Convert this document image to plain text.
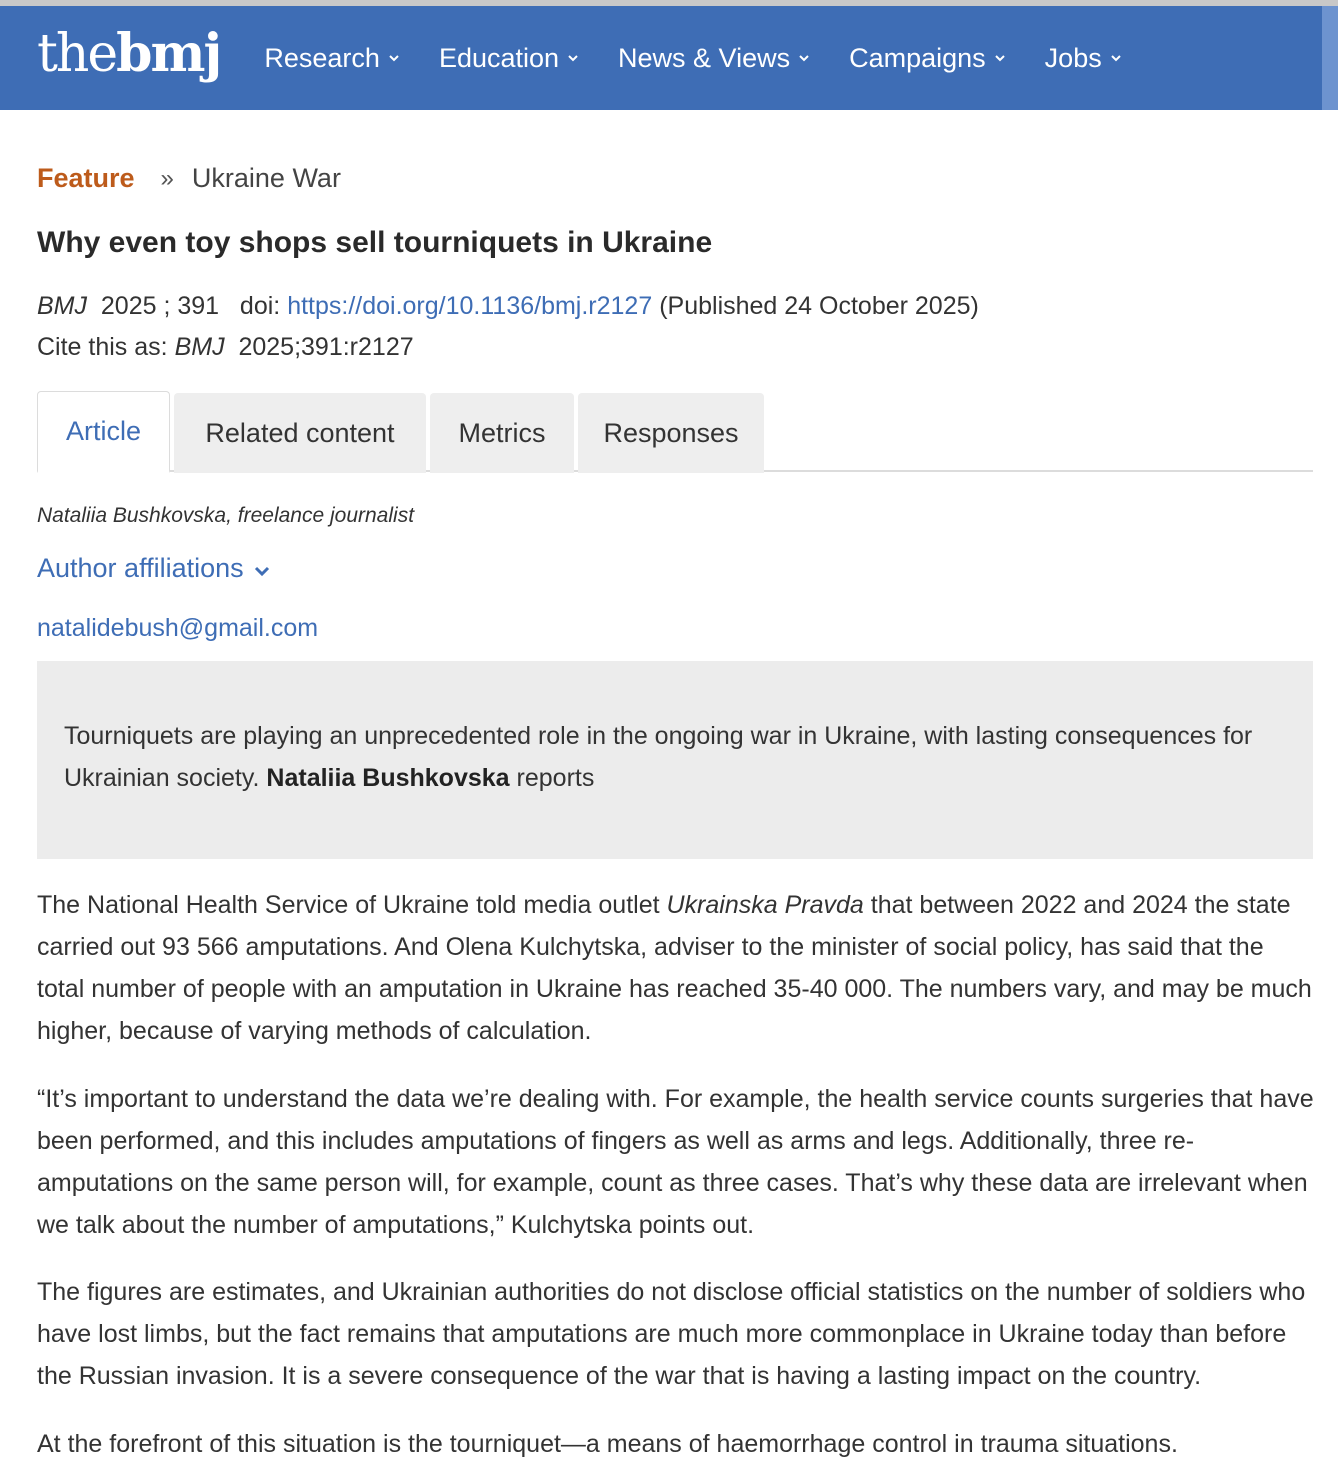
thebmj Research Education News & Views Campaigns Jobs
Feature » Ukraine War
Why even toy shops sell tourniquets in Ukraine
BMJ 2025 ; 391 doi: https://doi.org/10.1136/bmj.r2127 (Published 24 October 2025)
Cite this as: BMJ 2025;391:r2127
Article	Related content	Metrics	Responses
Nataliia Bushkovska, freelance journalist
Author affiliations
natalidebush@gmail.com
Tourniquets are playing an unprecedented role in the ongoing war in Ukraine, with lasting consequences for Ukrainian society. Nataliia Bushkovska reports

The National Health Service of Ukraine told media outlet Ukrainska Pravda that between 2022 and 2024 the state carried out 93 566 amputations. And Olena Kulchytska, adviser to the minister of social policy, has said that the total number of people with an amputation in Ukraine has reached 35-40 000. The numbers vary, and may be much higher, because of varying methods of calculation.

“It’s important to understand the data we’re dealing with. For example, the health service counts surgeries that have been performed, and this includes amputations of fingers as well as arms and legs. Additionally, three re-amputations on the same person will, for example, count as three cases. That’s why these data are irrelevant when we talk about the number of amputations,” Kulchytska points out.

The figures are estimates, and Ukrainian authorities do not disclose official statistics on the number of soldiers who have lost limbs, but the fact remains that amputations are much more commonplace in Ukraine today than before the Russian invasion. It is a severe consequence of the war that is having a lasting impact on the country.

At the forefront of this situation is the tourniquet—a means of haemorrhage control in trauma situations.
